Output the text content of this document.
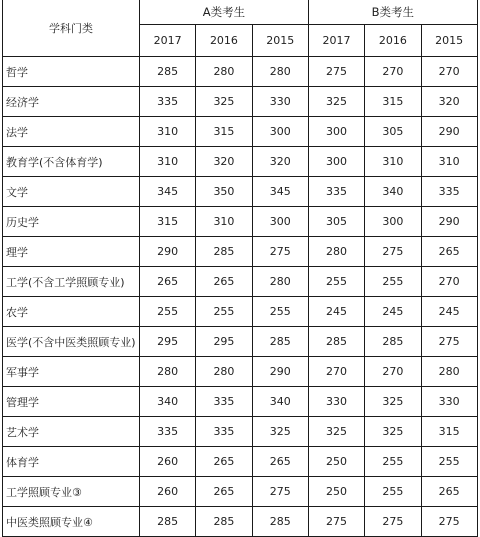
学科门类	A类考生			B类考生		
	2017	2016	2015	2017	2016	2015
哲学	285	280	280	275	270	270
经济学	335	325	330	325	315	320
法学	310	315	300	300	305	290
教育学(不含体育学)	310	320	320	300	310	310
文学	345	350	345	335	340	335
历史学	315	310	300	305	300	290
理学	290	285	275	280	275	265
工学(不含工学照顾专业)	265	265	280	255	255	270
农学	255	255	255	245	245	245
医学(不含中医类照顾专业)	295	295	285	285	285	275
军事学	280	280	290	270	270	280
管理学	340	335	340	330	325	330
艺术学	335	335	325	325	325	315
体育学	260	265	265	250	255	255
工学照顾专业③	260	265	275	250	255	265
中医类照顾专业④	285	285	285	275	275	275
